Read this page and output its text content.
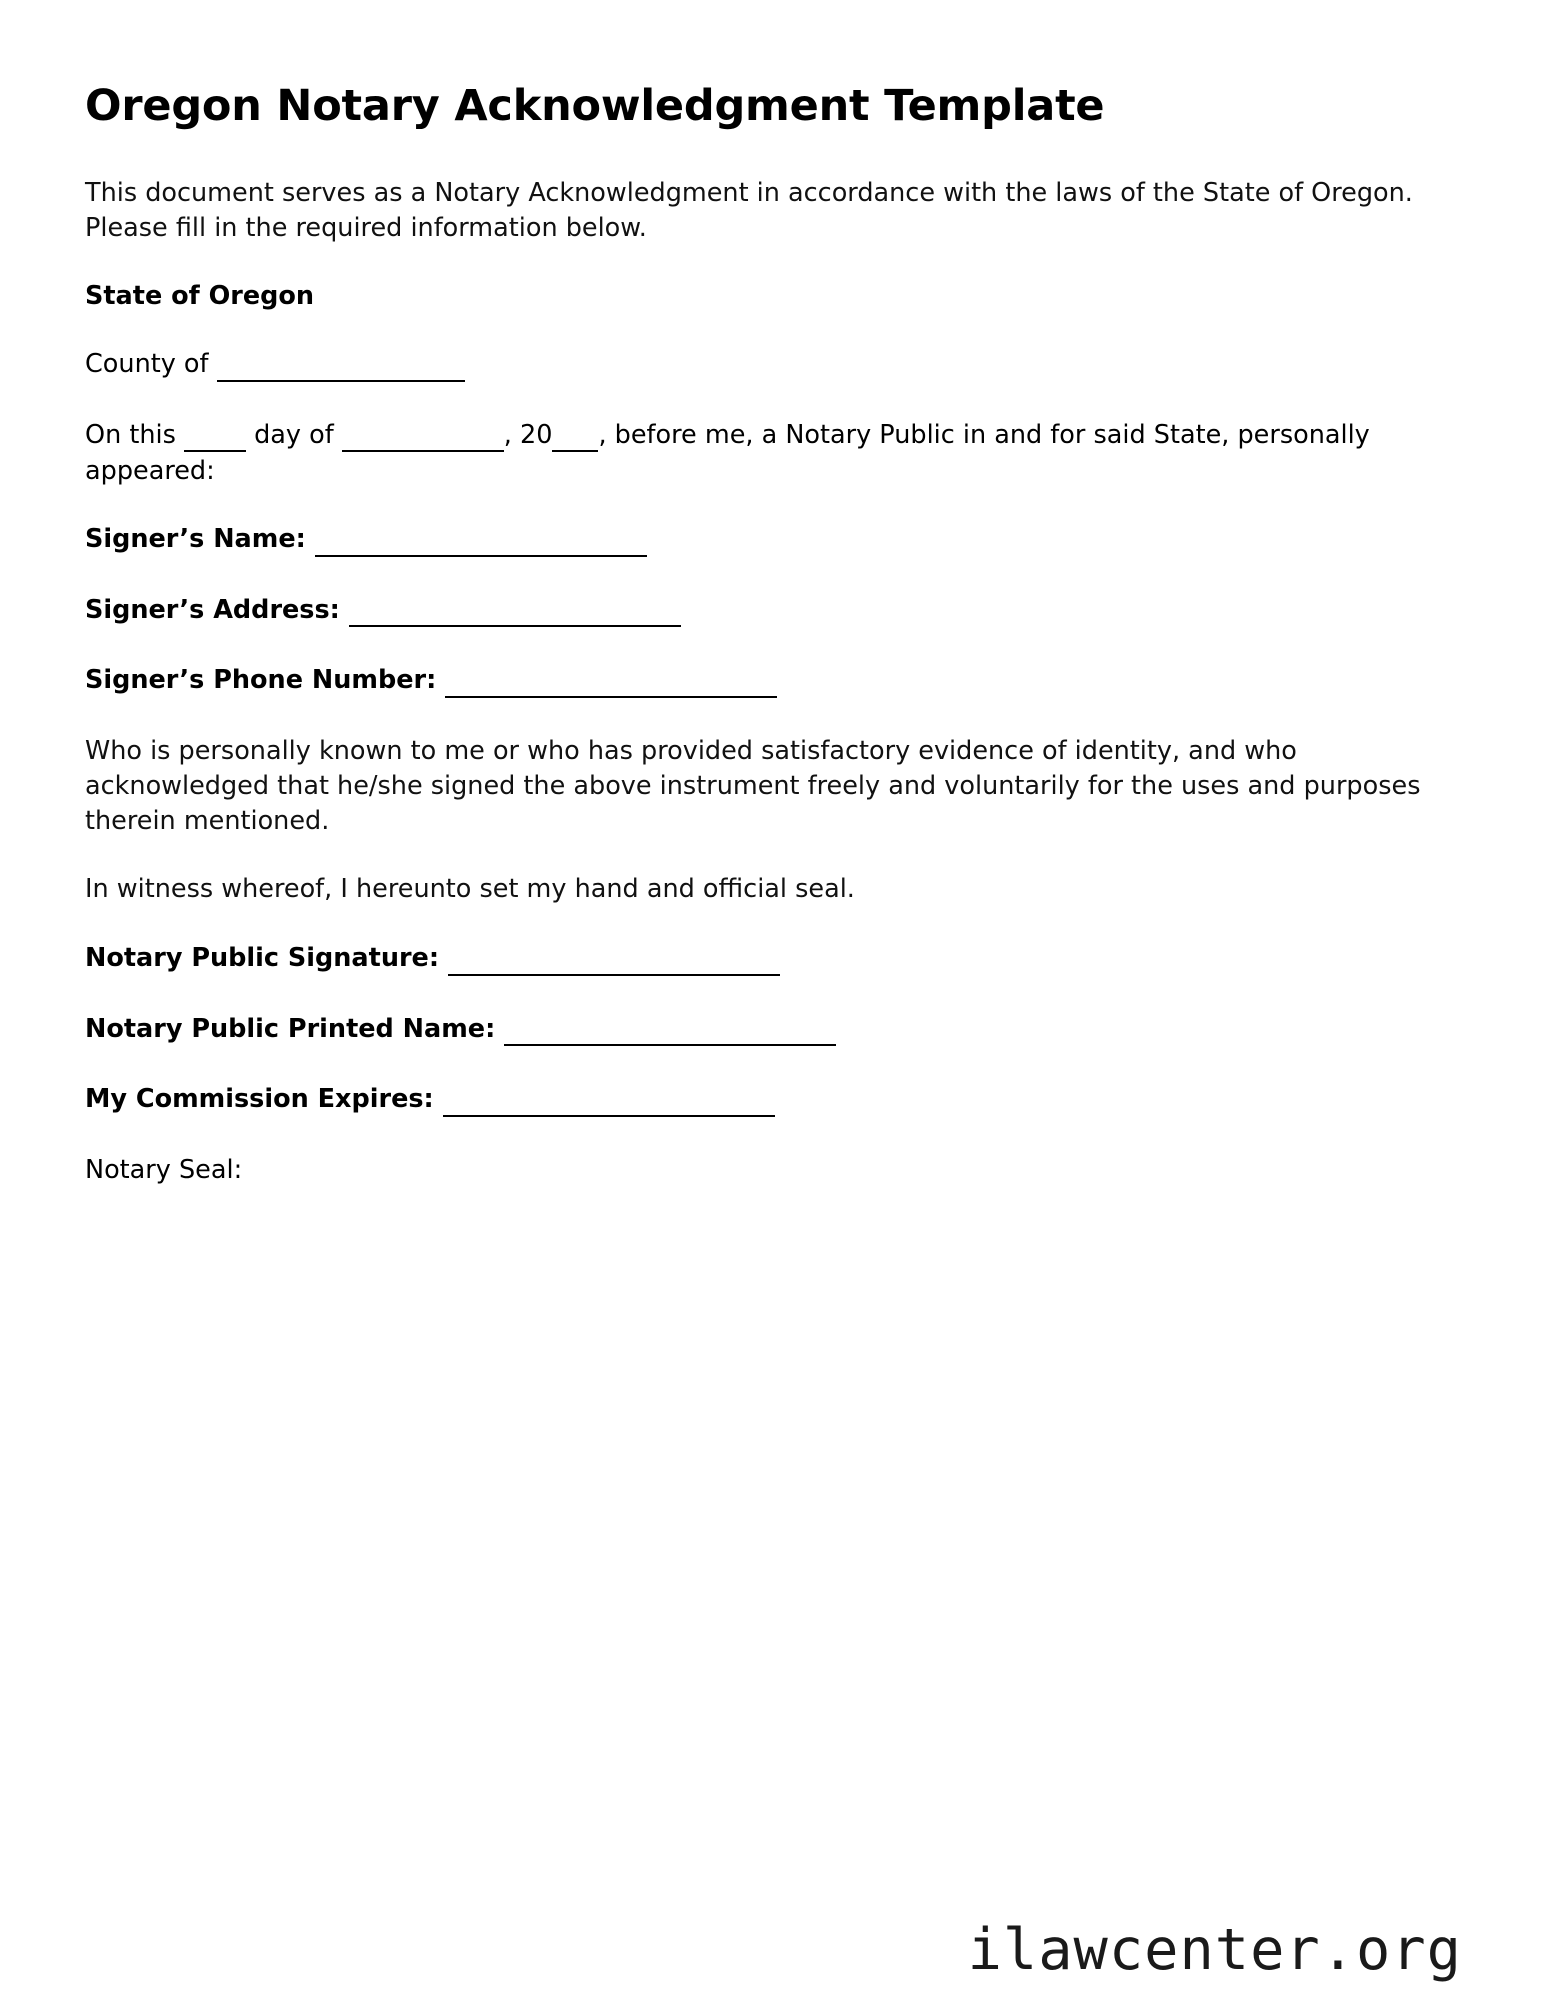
Oregon Notary Acknowledgment Template

This document serves as a Notary Acknowledgment in accordance with the laws of the State of Oregon. Please fill in the required information below.

State of Oregon
County of
On this	day of	, 20 , before me, a Notary Public in and for said State, personally appeared:
Signer’s Name:
Signer’s Address:
Signer’s Phone Number:

Who is personally known to me or who has provided satisfactory evidence of identity, and who acknowledged that he/she signed the above instrument freely and voluntarily for the uses and purposes therein mentioned.

In witness whereof, I hereunto set my hand and official seal.

Notary Public Signature:
Notary Public Printed Name:
My Commission Expires:
Notary Seal:
ilawcenter.org
